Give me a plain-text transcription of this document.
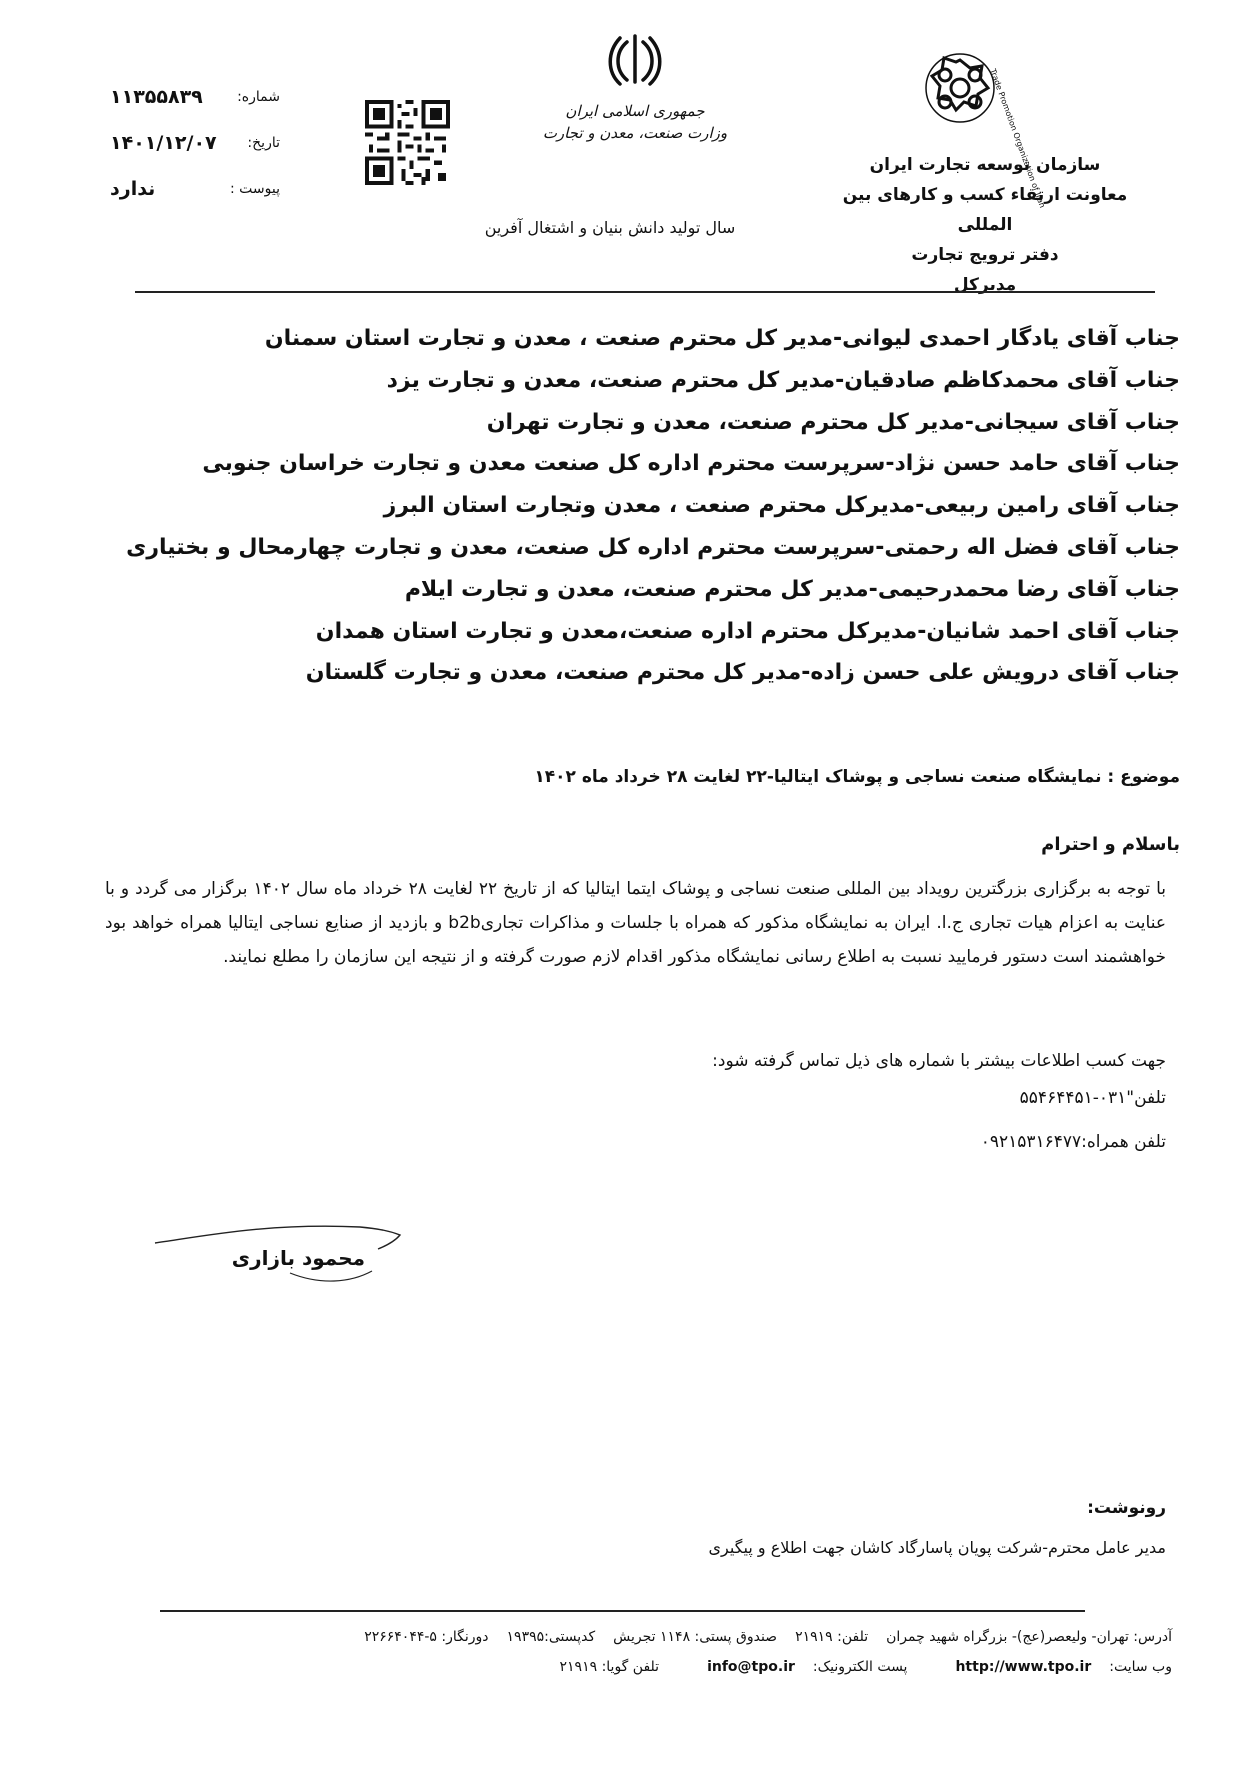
Trade Promotion Organization of Iran
سازمان توسعه تجارت ایران
معاونت ارتقاء کسب و کارهای بین المللی
دفتر ترویج تجارت
مدیرکل
جمهوری اسلامی ایران
وزارت صنعت، معدن و تجارت
سال تولید دانش بنیان و اشتغال آفرین
شماره:
۱۱۳۵۵۸۳۹
تاریخ:
۱۴۰۱/۱۲/۰۷
پیوست :
ندارد
جناب آقای یادگار احمدی لیوانی-مدیر کل محترم صنعت ، معدن و تجارت استان سمنان
جناب آقای محمدکاظم صادقیان-مدیر کل محترم صنعت، معدن و تجارت یزد
جناب آقای سیجانی-مدیر کل محترم صنعت، معدن و تجارت تهران
جناب آقای حامد حسن نژاد-سرپرست محترم اداره کل صنعت معدن و تجارت خراسان جنوبی
جناب آقای رامین ربیعی-مدیرکل محترم صنعت ، معدن وتجارت استان البرز
جناب آقای فضل اله رحمتی-سرپرست محترم اداره کل صنعت، معدن و تجارت چهارمحال و بختیاری
جناب آقای رضا محمدرحیمی-مدیر کل محترم صنعت، معدن و تجارت ایلام
جناب آقای احمد شانیان-مدیرکل محترم اداره صنعت،معدن و تجارت استان همدان
جناب آقای درویش علی حسن زاده-مدیر کل محترم صنعت، معدن و تجارت گلستان
موضوع : نمایشگاه صنعت نساجی و پوشاک ایتالیا-۲۲ لغایت ۲۸ خرداد ماه ۱۴۰۲
باسلام و احترام
با توجه به برگزاری بزرگترین رویداد بین المللی صنعت نساجی و پوشاک ایتما ایتالیا که از تاریخ ۲۲ لغایت ۲۸ خرداد ماه سال ۱۴۰۲ برگزار می گردد و با عنایت به اعزام هیات تجاری ج.ا. ایران به نمایشگاه مذکور که همراه با جلسات و مذاکرات تجاریb2b و بازدید از صنایع نساجی ایتالیا همراه خواهد بود خواهشمند است دستور فرمایید نسبت به اطلاع رسانی نمایشگاه مذکور اقدام لازم صورت گرفته و از نتیجه این سازمان را مطلع نمایند.
جهت کسب اطلاعات بیشتر با شماره های ذیل تماس گرفته شود:
تلفن"۰۳۱-۵۵۴۶۴۴۵۱
تلفن همراه:۰۹۲۱۵۳۱۶۴۷۷
محمود بازاری
رونوشت:
مدیر عامل محترم-شرکت پویان پاسارگاد کاشان جهت اطلاع و پیگیری
آدرس: تهران- ولیعصر(عج)- بزرگراه شهید چمران
تلفن: ۲۱۹۱۹
صندوق پستی: ۱۱۴۸ تجریش
کدپستی:۱۹۳۹۵
دورنگار: ۵-۲۲۶۶۴۰۴۴
وب سایت:
http://www.tpo.ir
پست الکترونیک:
info@tpo.ir
تلفن گویا: ۲۱۹۱۹
